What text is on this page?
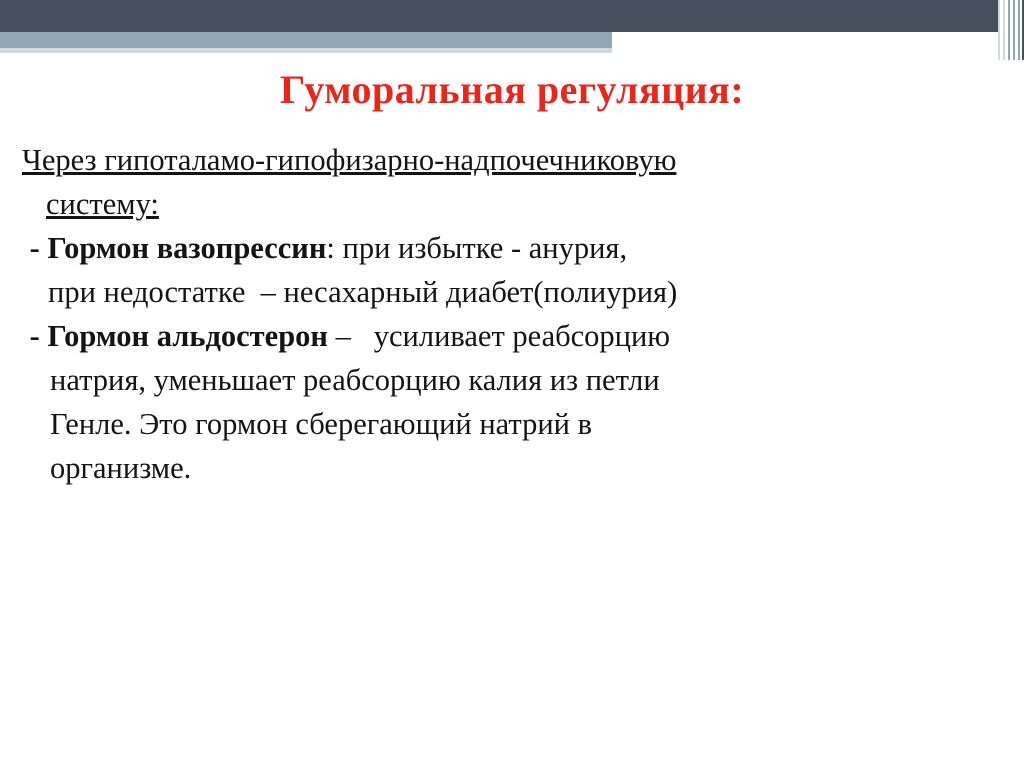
Гуморальная регуляция:
Через гипоталамо-гипофизарно-надпочечниковую
систему:
- Гормон вазопрессин: при избытке - анурия,
при недостатке  – несахарный диабет(полиурия)
- Гормон альдостерон –   усиливает реабсорцию
натрия, уменьшает реабсорцию калия из петли
Генле. Это гормон сберегающий натрий в
организме.
